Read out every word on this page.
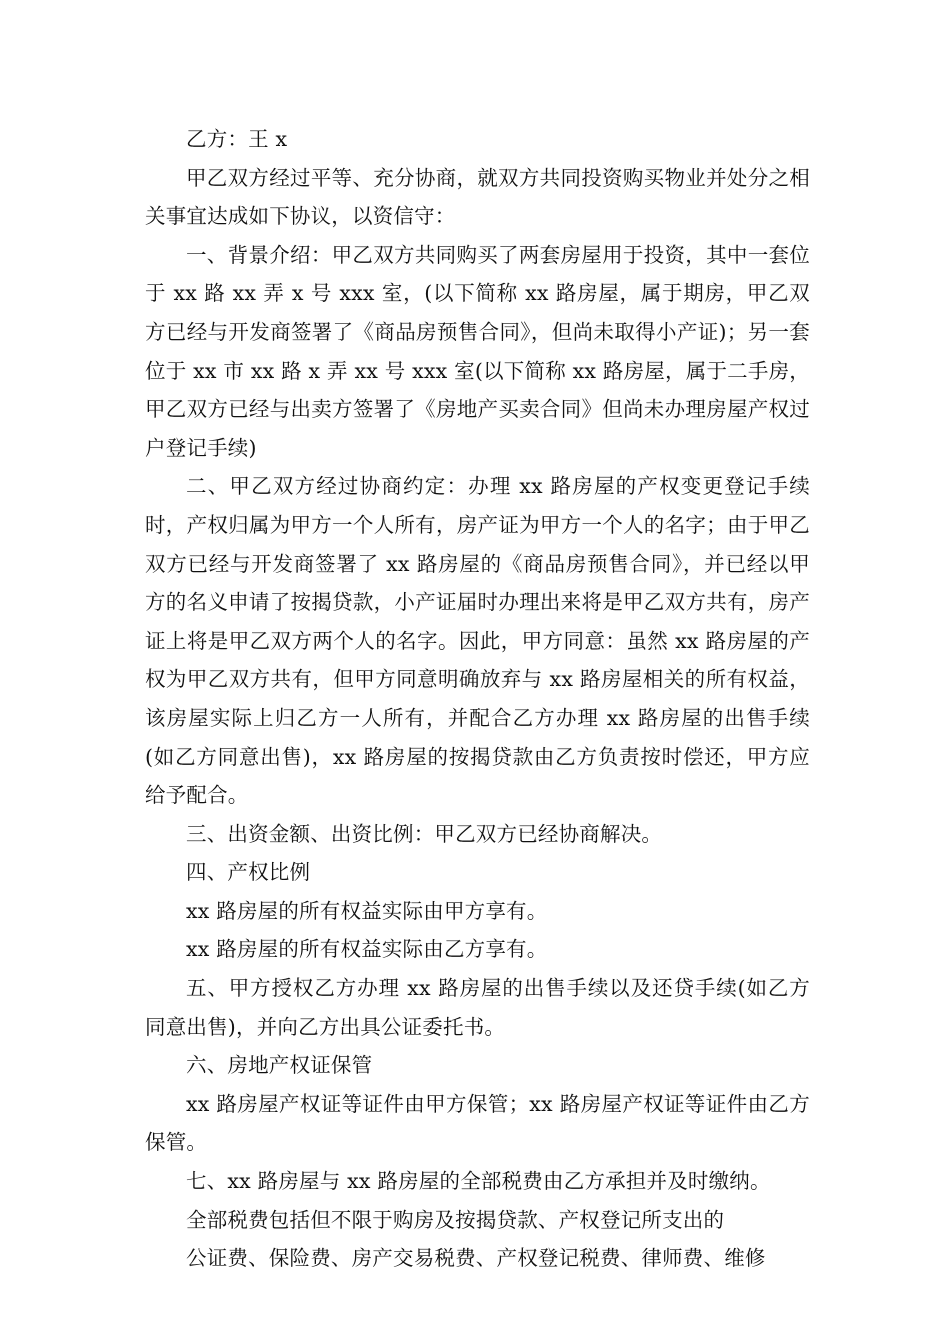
乙方：王 x

甲乙双方经过平等、充分协商，就双方共同投资购买物业并处分之相关事宜达成如下协议，以资信守：

一、背景介绍：甲乙双方共同购买了两套房屋用于投资，其中一套位于 xx 路 xx 弄 x 号 xxx 室，(以下简称 xx 路房屋，属于期房，甲乙双方已经与开发商签署了《商品房预售合同》，但尚未取得小产证)；另一套位于 xx 市 xx 路 x 弄 xx 号 xxx 室(以下简称 xx 路房屋，属于二手房，甲乙双方已经与出卖方签署了《房地产买卖合同》但尚未办理房屋产权过户登记手续)

二、甲乙双方经过协商约定：办理 xx 路房屋的产权变更登记手续时，产权归属为甲方一个人所有，房产证为甲方一个人的名字；由于甲乙双方已经与开发商签署了 xx 路房屋的《商品房预售合同》，并已经以甲方的名义申请了按揭贷款，小产证届时办理出来将是甲乙双方共有，房产证上将是甲乙双方两个人的名字。因此，甲方同意：虽然 xx 路房屋的产权为甲乙双方共有，但甲方同意明确放弃与 xx 路房屋相关的所有权益，该房屋实际上归乙方一人所有，并配合乙方办理 xx 路房屋的出售手续(如乙方同意出售)，xx 路房屋的按揭贷款由乙方负责按时偿还，甲方应给予配合。

三、出资金额、出资比例：甲乙双方已经协商解决。

四、产权比例

xx 路房屋的所有权益实际由甲方享有。

xx 路房屋的所有权益实际由乙方享有。

五、甲方授权乙方办理 xx 路房屋的出售手续以及还贷手续(如乙方同意出售)，并向乙方出具公证委托书。

六、房地产权证保管

xx 路房屋产权证等证件由甲方保管；xx 路房屋产权证等证件由乙方保管。

七、xx 路房屋与 xx 路房屋的全部税费由乙方承担并及时缴纳。

全部税费包括但不限于购房及按揭贷款、产权登记所支出的

公证费、保险费、房产交易税费、产权登记税费、律师费、维修
